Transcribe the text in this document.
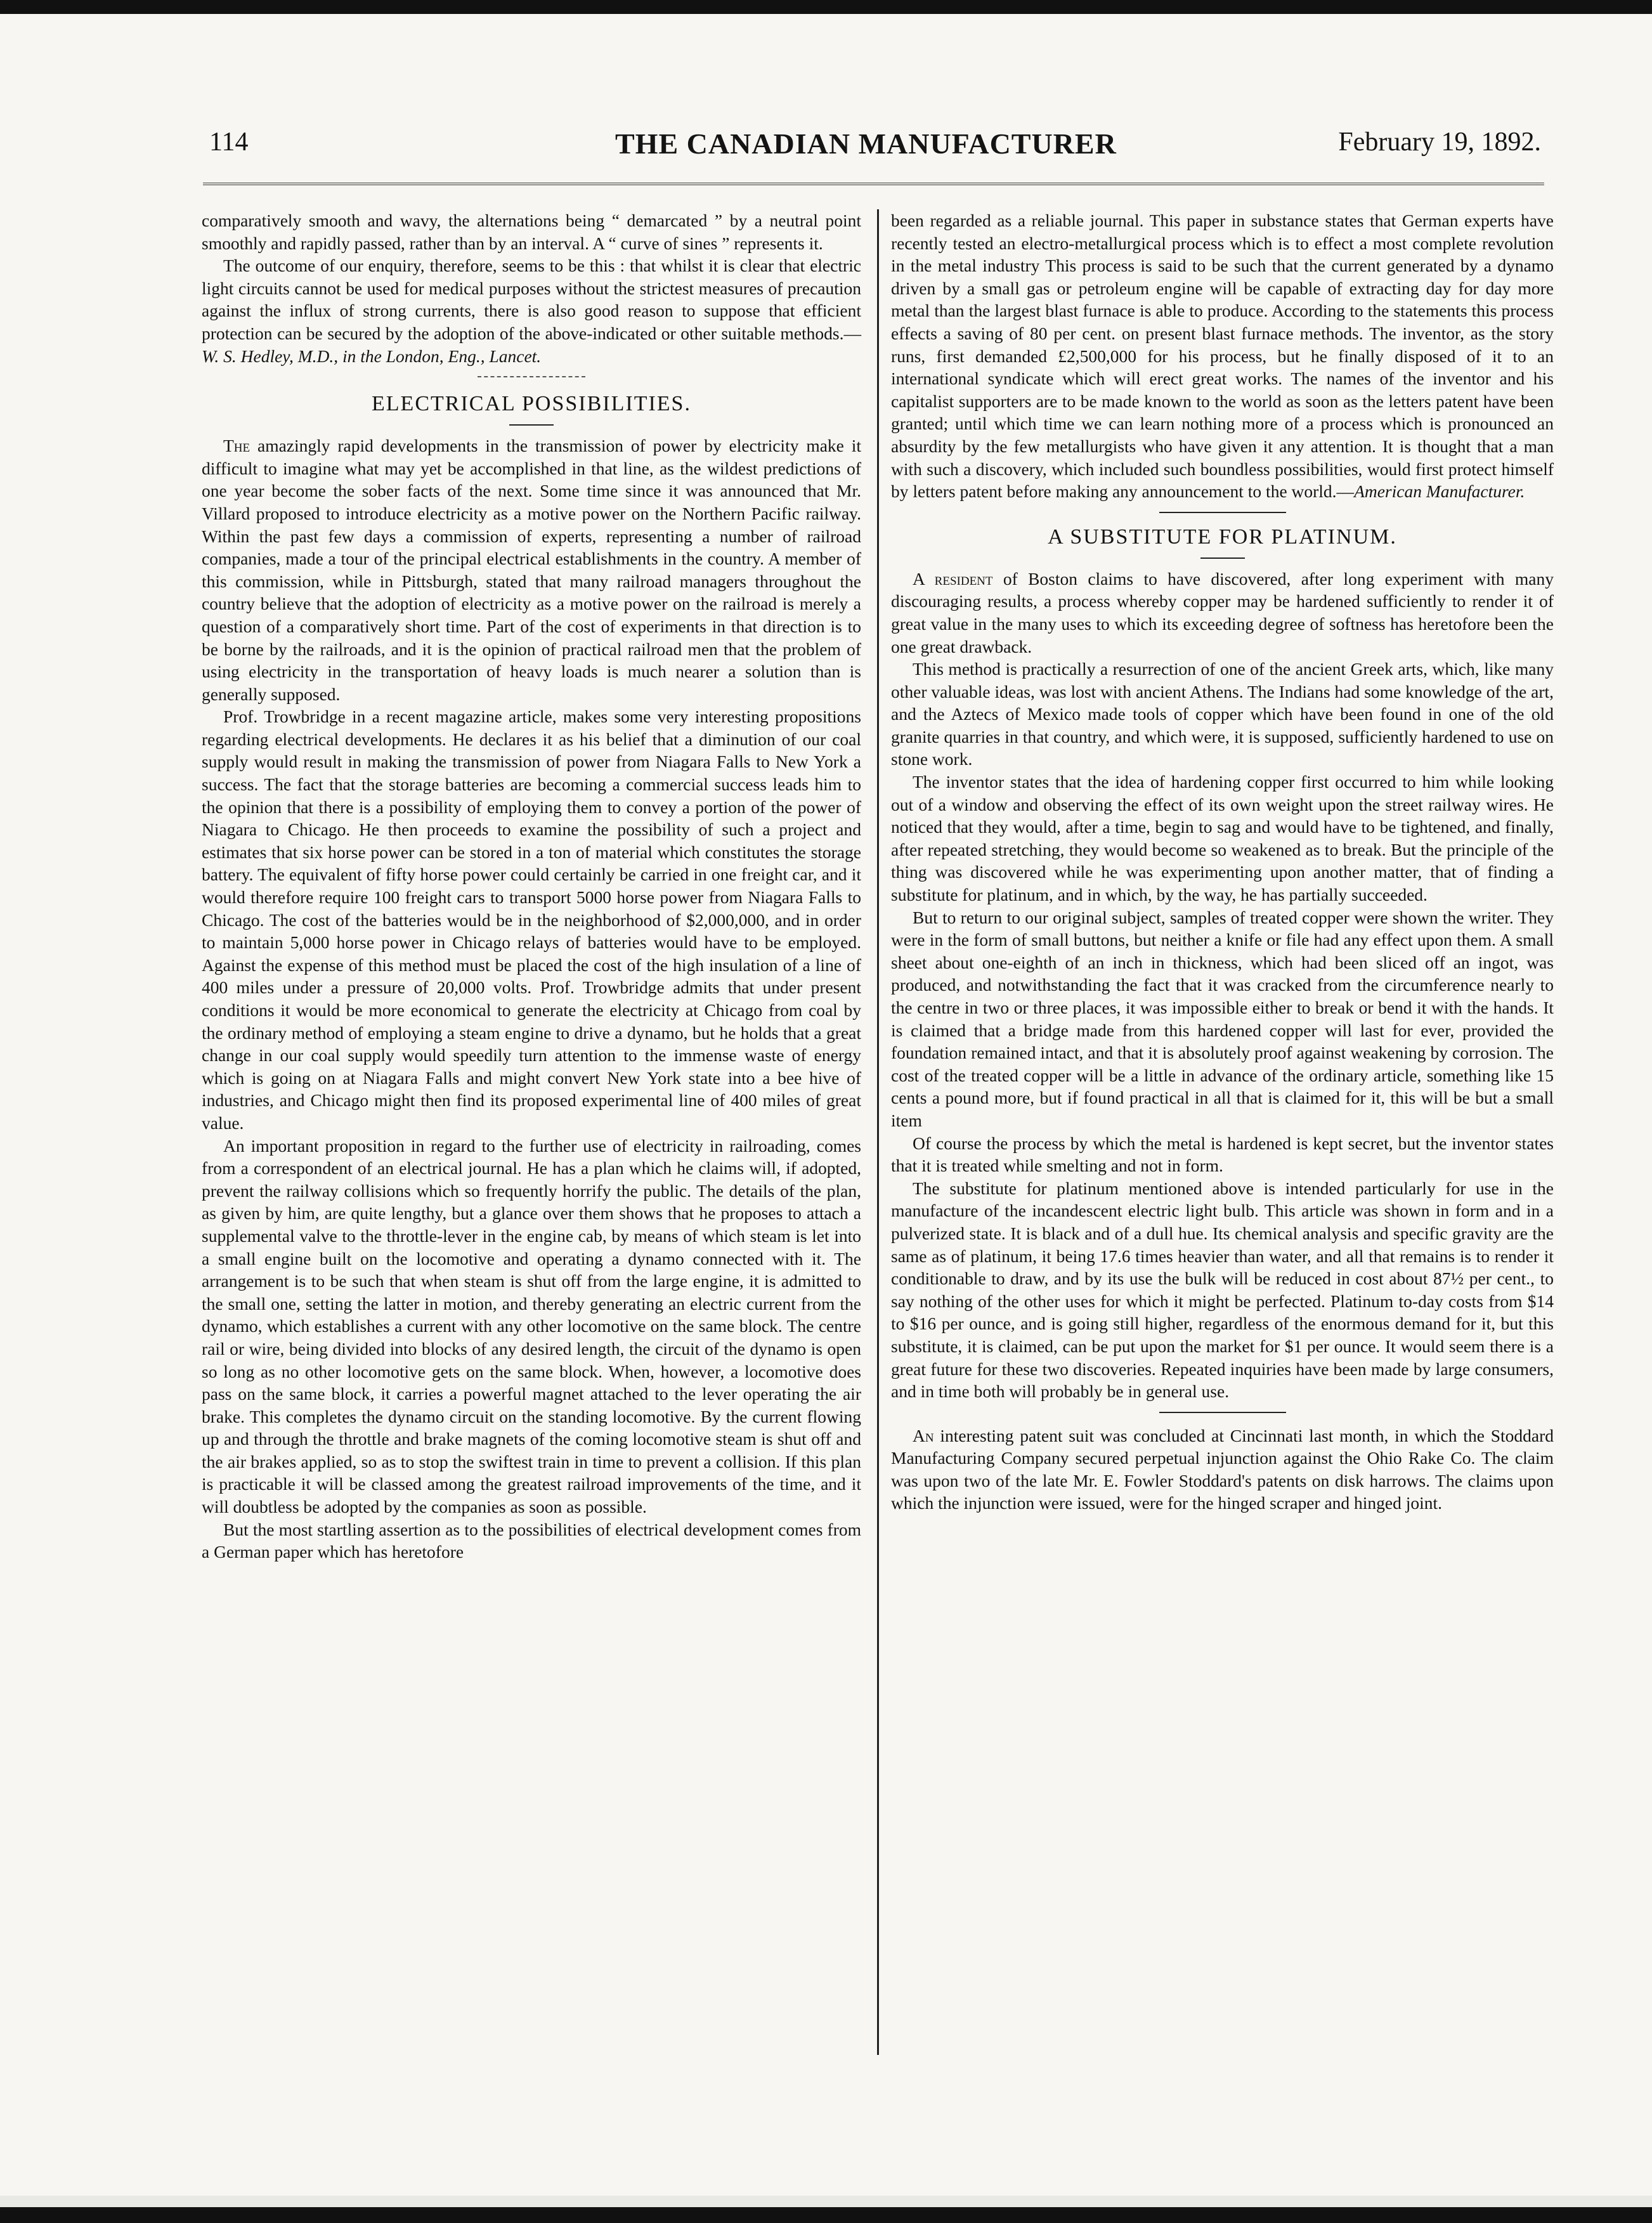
114	THE CANADIAN MANUFACTURER	February 19, 1892.

comparatively smooth and wavy, the alternations being “ demarcated ” by a neutral point smoothly and rapidly passed, rather than by an interval. A “ curve of sines ” represents it.

The outcome of our enquiry, therefore, seems to be this : that whilst it is clear that electric light circuits cannot be used for medical purposes without the strictest measures of precaution against the influx of strong currents, there is also good reason to suppose that efficient protection can be secured by the adoption of the above-indicated or other suitable methods.—W. S. Hedley, M.D., in the London, Eng., Lancet.

ELECTRICAL POSSIBILITIES.

The amazingly rapid developments in the transmission of power by electricity make it difficult to imagine what may yet be accomplished in that line, as the wildest predictions of one year become the sober facts of the next. Some time since it was announced that Mr. Villard proposed to introduce electricity as a motive power on the Northern Pacific railway. Within the past few days a commission of experts, representing a number of railroad companies, made a tour of the principal electrical establishments in the country. A member of this commission, while in Pittsburgh, stated that many railroad managers throughout the country believe that the adoption of electricity as a motive power on the railroad is merely a question of a comparatively short time. Part of the cost of experiments in that direction is to be borne by the railroads, and it is the opinion of practical railroad men that the problem of using electricity in the transportation of heavy loads is much nearer a solution than is generally supposed.

Prof. Trowbridge in a recent magazine article, makes some very interesting propositions regarding electrical developments. He declares it as his belief that a diminution of our coal supply would result in making the transmission of power from Niagara Falls to New York a success. The fact that the storage batteries are becoming a commercial success leads him to the opinion that there is a possibility of employing them to convey a portion of the power of Niagara to Chicago. He then proceeds to examine the possibility of such a project and estimates that six horse power can be stored in a ton of material which constitutes the storage battery. The equivalent of fifty horse power could certainly be carried in one freight car, and it would therefore require 100 freight cars to transport 5000 horse power from Niagara Falls to Chicago. The cost of the batteries would be in the neighborhood of $2,000,000, and in order to maintain 5,000 horse power in Chicago relays of batteries would have to be employed. Against the expense of this method must be placed the cost of the high insulation of a line of 400 miles under a pressure of 20,000 volts. Prof. Trowbridge admits that under present conditions it would be more economical to generate the electricity at Chicago from coal by the ordinary method of employing a steam engine to drive a dynamo, but he holds that a great change in our coal supply would speedily turn attention to the immense waste of energy which is going on at Niagara Falls and might convert New York state into a bee hive of industries, and Chicago might then find its proposed experimental line of 400 miles of great value.

An important proposition in regard to the further use of electricity in railroading, comes from a correspondent of an electrical journal. He has a plan which he claims will, if adopted, prevent the railway collisions which so frequently horrify the public. The details of the plan, as given by him, are quite lengthy, but a glance over them shows that he proposes to attach a supplemental valve to the throttle-lever in the engine cab, by means of which steam is let into a small engine built on the locomotive and operating a dynamo connected with it. The arrangement is to be such that when steam is shut off from the large engine, it is admitted to the small one, setting the latter in motion, and thereby generating an electric current from the dynamo, which establishes a current with any other locomotive on the same block. The centre rail or wire, being divided into blocks of any desired length, the circuit of the dynamo is open so long as no other locomotive gets on the same block. When, however, a locomotive does pass on the same block, it carries a powerful magnet attached to the lever operating the air brake. This completes the dynamo circuit on the standing locomotive. By the current flowing up and through the throttle and brake magnets of the coming locomotive steam is shut off and the air brakes applied, so as to stop the swiftest train in time to prevent a collision. If this plan is practicable it will be classed among the greatest railroad improvements of the time, and it will doubtless be adopted by the companies as soon as possible.

But the most startling assertion as to the possibilities of electrical development comes from a German paper which has heretofore

been regarded as a reliable journal. This paper in substance states that German experts have recently tested an electro-metallurgical process which is to effect a most complete revolution in the metal industry This process is said to be such that the current generated by a dynamo driven by a small gas or petroleum engine will be capable of extracting day for day more metal than the largest blast furnace is able to produce. According to the statements this process effects a saving of 80 per cent. on present blast furnace methods. The inventor, as the story runs, first demanded £2,500,000 for his process, but he finally disposed of it to an international syndicate which will erect great works. The names of the inventor and his capitalist supporters are to be made known to the world as soon as the letters patent have been granted; until which time we can learn nothing more of a process which is pronounced an absurdity by the few metallurgists who have given it any attention. It is thought that a man with such a discovery, which included such boundless possibilities, would first protect himself by letters patent before making any announcement to the world.—American Manufacturer.

A SUBSTITUTE FOR PLATINUM.

A resident of Boston claims to have discovered, after long experiment with many discouraging results, a process whereby copper may be hardened sufficiently to render it of great value in the many uses to which its exceeding degree of softness has heretofore been the one great drawback.

This method is practically a resurrection of one of the ancient Greek arts, which, like many other valuable ideas, was lost with ancient Athens. The Indians had some knowledge of the art, and the Aztecs of Mexico made tools of copper which have been found in one of the old granite quarries in that country, and which were, it is supposed, sufficiently hardened to use on stone work.

The inventor states that the idea of hardening copper first occurred to him while looking out of a window and observing the effect of its own weight upon the street railway wires. He noticed that they would, after a time, begin to sag and would have to be tightened, and finally, after repeated stretching, they would become so weakened as to break. But the principle of the thing was discovered while he was experimenting upon another matter, that of finding a substitute for platinum, and in which, by the way, he has partially succeeded.

But to return to our original subject, samples of treated copper were shown the writer. They were in the form of small buttons, but neither a knife or file had any effect upon them. A small sheet about one-eighth of an inch in thickness, which had been sliced off an ingot, was produced, and notwithstanding the fact that it was cracked from the circumference nearly to the centre in two or three places, it was impossible either to break or bend it with the hands. It is claimed that a bridge made from this hardened copper will last for ever, provided the foundation remained intact, and that it is absolutely proof against weakening by corrosion. The cost of the treated copper will be a little in advance of the ordinary article, something like 15 cents a pound more, but if found practical in all that is claimed for it, this will be but a small item

Of course the process by which the metal is hardened is kept secret, but the inventor states that it is treated while smelting and not in form.

The substitute for platinum mentioned above is intended particularly for use in the manufacture of the incandescent electric light bulb. This article was shown in form and in a pulverized state. It is black and of a dull hue. Its chemical analysis and specific gravity are the same as of platinum, it being 17.6 times heavier than water, and all that remains is to render it conditionable to draw, and by its use the bulk will be reduced in cost about 87½ per cent., to say nothing of the other uses for which it might be perfected. Platinum to-day costs from $14 to $16 per ounce, and is going still higher, regardless of the enormous demand for it, but this substitute, it is claimed, can be put upon the market for $1 per ounce. It would seem there is a great future for these two discoveries. Repeated inquiries have been made by large consumers, and in time both will probably be in general use.

An interesting patent suit was concluded at Cincinnati last month, in which the Stoddard Manufacturing Company secured perpetual injunction against the Ohio Rake Co. The claim was upon two of the late Mr. E. Fowler Stoddard's patents on disk harrows. The claims upon which the injunction were issued, were for the hinged scraper and hinged joint.
